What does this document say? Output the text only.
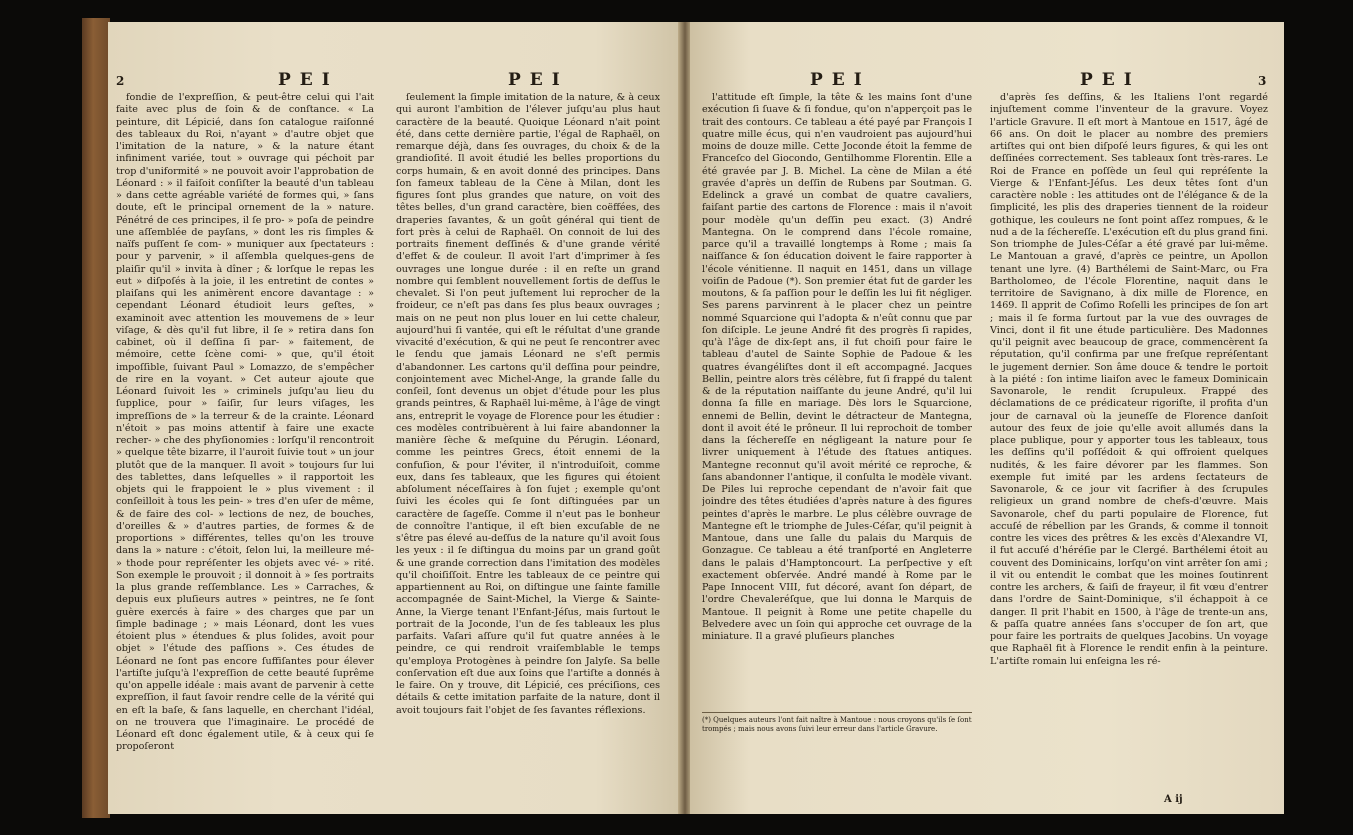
2	PEI	PEI

fondie de l'expreſſion, & peut-être celui qui l'ait faite avec plus de ſoin & de conſtance. « La peinture, dit Lépicié, dans ſon catalogue raiſonné des tableaux du Roi, n'ayant » d'autre objet que l'imitation de la nature, » & la nature étant infiniment variée, tout » ouvrage qui péchoit par trop d'uniformité » ne pouvoit avoir l'approbation de Léonard : » il faiſoit conſiſter la beauté d'un tableau » dans cette agréable variété de formes qui, » ſans doute, eſt le principal ornement de la » nature. Pénétré de ces principes, il ſe pro- » poſa de peindre une aſſemblée de payſans, » dont les ris ſimples & naïfs puſſent ſe com- » muniquer aux ſpectateurs : pour y parvenir, » il aſſembla quelques-gens de plaiſir qu'il » invita à dîner ; & lorſque le repas les eut » diſpoſés à la joie, il les entretint de contes » plaiſans qui les animèrent encore davantage : » cependant Léonard étudioit leurs geſtes, » examinoit avec attention les mouvemens de » leur viſage, & dès qu'il fut libre, il ſe » retira dans ſon cabinet, où il deſſina ſi par- » faitement, de mémoire, cette ſcène comi- » que, qu'il étoit impoſſible, ſuivant Paul » Lomazzo, de s'empêcher de rire en la voyant. » Cet auteur ajoute que Léonard ſuivoit les » criminels juſqu'au lieu du ſupplice, pour » ſaiſir, ſur leurs viſages, les impreſſions de » la terreur & de la crainte. Léonard n'étoit » pas moins attentif à faire une exacte recher- » che des phyſionomies : lorſqu'il rencontroit » quelque tête bizarre, il l'auroit ſuivie tout » un jour plutôt que de la manquer. Il avoit » toujours ſur lui des tablettes, dans leſquelles » il rapportoit les objets qui le frappoient le » plus vivement : il conſeilloit à tous les pein- » tres d'en uſer de même, & de faire des col- » lections de nez, de bouches, d'oreilles & » d'autres parties, de formes & de proportions » différentes, telles qu'on les trouve dans la » nature : c'étoit, ſelon lui, la meilleure mé- » thode pour repréſenter les objets avec vé- » rité. Son exemple le prouvoit ; il donnoit à » ſes portraits la plus grande reſſemblance. Les » Carraches, & depuis eux pluſieurs autres » peintres, ne ſe ſont guère exercés à faire » des charges que par un ſimple badinage ; » mais Léonard, dont les vues étoient plus » étendues & plus ſolides, avoit pour objet » l'étude des paſſions ». Ces études de Léonard ne ſont pas encore ſuffiſantes pour élever l'artiſte juſqu'à l'expreſſion de cette beauté ſuprême qu'on appelle idéale : mais avant de parvenir à cette expreſſion, il faut ſavoir rendre celle de la vérité qui en eſt la baſe, & ſans laquelle, en cherchant l'idéal, on ne trouvera que l'imaginaire. Le procédé de Léonard eſt donc également utile, & à ceux qui ſe propoſeront

ſeulement la ſimple imitation de la nature, & à ceux qui auront l'ambition de l'élever juſqu'au plus haut caractère de la beauté. Quoique Léonard n'ait point été, dans cette dernière partie, l'égal de Raphaël, on remarque déjà, dans ſes ouvrages, du choix & de la grandioſité. Il avoit étudié les belles proportions du corps humain, & en avoit donné des principes. Dans ſon fameux tableau de la Cène à Milan, dont les figures ſont plus grandes que nature, on voit des têtes belles, d'un grand caractère, bien coëffées, des draperies ſavantes, & un goût général qui tient de fort près à celui de Raphaël. On connoit de lui des portraits finement deſſinés & d'une grande vérité d'effet & de couleur. Il avoit l'art d'imprimer à ſes ouvrages une longue durée : il en reſte un grand nombre qui ſemblent nouvellement ſortis de deſſus le chevalet. Si l'on peut juſtement lui reprocher de la froideur, ce n'eſt pas dans ſes plus beaux ouvrages ; mais on ne peut non plus louer en lui cette chaleur, aujourd'hui ſi vantée, qui eſt le réſultat d'une grande vivacité d'exécution, & qui ne peut ſe rencontrer avec le ſendu que jamais Léonard ne s'eſt permis d'abandonner. Les cartons qu'il deſſina pour peindre, conjointement avec Michel-Ange, la grande ſalle du conſeil, ſont devenus un objet d'étude pour les plus grands peintres, & Raphaël lui-même, à l'âge de vingt ans, entreprit le voyage de Florence pour les étudier : ces modèles contribuèrent à lui faire abandonner la manière ſèche & meſquine du Pérugin. Léonard, comme les peintres Grecs, étoit ennemi de la confuſion, & pour l'éviter, il n'introduiſoit, comme eux, dans ſes tableaux, que les figures qui étoient abſolument néceſſaires à ſon ſujet ; exemple qu'ont ſuivi les écoles qui ſe ſont diſtinguées par un caractère de ſageſſe. Comme il n'eut pas le bonheur de connoître l'antique, il eſt bien excuſable de ne s'être pas élevé au-deſſus de la nature qu'il avoit ſous les yeux : il ſe diſtingua du moins par un grand goût & une grande correction dans l'imitation des modèles qu'il choiſiſſoit. Entre les tableaux de ce peintre qui appartiennent au Roi, on diſtingue une ſainte famille accompagnée de Saint-Michel, la Vierge & Sainte-Anne, la Vierge tenant l'Enfant-Jéſus, mais ſurtout le portrait de la Joconde, l'un de ſes tableaux les plus parfaits. Vaſari aſſure qu'il fut quatre années à le peindre, ce qui rendroit vraiſemblable le temps qu'employa Protogènes à peindre ſon Jalyſe. Sa belle conſervation eſt due aux ſoins que l'artiſte a donnés à le faire. On y trouve, dit Lépicié, ces préciſions, ces détails & cette imitation parfaite de la nature, dont il avoit toujours fait l'objet de ſes ſavantes réflexions.

PEI	PEI	3

l'attitude eſt ſimple, la tête & les mains ſont d'une exécution ſi ſuave & ſi fondue, qu'on n'apperçoit pas le trait des contours. Ce tableau a été payé par François I quatre mille écus, qui n'en vaudroient pas aujourd'hui moins de douze mille. Cette Joconde étoit la femme de Franceſco del Giocondo, Gentilhomme Florentin. Elle a été gravée par J. B. Michel. La cène de Milan a été gravée d'après un deſſin de Rubens par Soutman. G. Edelinck a gravé un combat de quatre cavaliers, faiſant partie des cartons de Florence : mais il n'avoit pour modèle qu'un deſſin peu exact. (3) André Mantegna. On le comprend dans l'école romaine, parce qu'il a travaillé longtemps à Rome ; mais ſa naiſſance & ſon éducation doivent le faire rapporter à l'école vénitienne. Il naquit en 1451, dans un village voiſin de Padoue (*). Son premier état fut de garder les moutons, & ſa paſſion pour le deſſin les lui fit négliger. Ses parens parvinrent à le placer chez un peintre nommé Squarcione qui l'adopta & n'eût connu que par ſon diſciple. Le jeune André fit des progrès ſi rapides, qu'à l'âge de dix-ſept ans, il fut choiſi pour faire le tableau d'autel de Sainte Sophie de Padoue & les quatres évangéliſtes dont il eſt accompagné. Jacques Bellin, peintre alors très célèbre, fut ſi frappé du talent & de la réputation naiſſante du jeune André, qu'il lui donna ſa fille en mariage. Dès lors le Squarcione, ennemi de Bellin, devint le détracteur de Mantegna, dont il avoit été le prôneur. Il lui reprochoit de tomber dans la ſéchereſſe en négligeant la nature pour ſe livrer uniquement à l'étude des ſtatues antiques. Mantegne reconnut qu'il avoit mérité ce reproche, & ſans abandonner l'antique, il conſulta le modèle vivant. De Piles lui reproche cependant de n'avoir fait que joindre des têtes étudiées d'après nature à des figures peintes d'après le marbre. Le plus célèbre ouvrage de Mantegne eſt le triomphe de Jules-Céſar, qu'il peignit à Mantoue, dans une ſalle du palais du Marquis de Gonzague. Ce tableau a été tranſporté en Angleterre dans le palais d'Hamptoncourt. La perſpective y eſt exactement obſervée. André mandé à Rome par le Pape Innocent VIII, fut décoré, avant ſon départ, de l'ordre Chevaleréſque, que lui donna le Marquis de Mantoue. Il peignit à Rome une petite chapelle du Belvedere avec un ſoin qui approche cet ouvrage de la miniature. Il a gravé pluſieurs planches

(*) Quelques auteurs l'ont fait naître à Mantoue : nous croyons qu'ils ſe ſont trompés ; mais nous avons ſuivi leur erreur dans l'article Gravure.

d'après ſes deſſins, & les Italiens l'ont regardé injuſtement comme l'inventeur de la gravure. Voyez l'article Gravure. Il eſt mort à Mantoue en 1517, âgé de 66 ans. On doit le placer au nombre des premiers artiſtes qui ont bien diſpoſé leurs figures, & qui les ont deſſinées correctement. Ses tableaux ſont très-rares. Le Roi de France en poſſède un ſeul qui repréſente la Vierge & l'Enfant-Jéſus. Les deux têtes ſont d'un caractère noble : les attitudes ont de l'élégance & de la ſimplicité, les plis des draperies tiennent de la roideur gothique, les couleurs ne ſont point aſſez rompues, & le nud a de la ſéchereſſe. L'exécution eſt du plus grand fini. Son triomphe de Jules-Céſar a été gravé par lui-même. Le Mantouan a gravé, d'après ce peintre, un Apollon tenant une lyre. (4) Barthélemi de Saint-Marc, ou Fra Bartholomeo, de l'école Florentine, naquit dans le territoire de Savignano, à dix mille de Florence, en 1469. Il apprit de Coſimo Roſelli les principes de ſon art ; mais il ſe forma ſurtout par la vue des ouvrages de Vinci, dont il fit une étude particulière. Des Madonnes qu'il peignit avec beaucoup de grace, commencèrent ſa réputation, qu'il confirma par une freſque repréſentant le jugement dernier. Son âme douce & tendre le portoit à la piété : ſon intime liaiſon avec le fameux Dominicain Savonarole, le rendit ſcrupuleux. Frappé des déclamations de ce prédicateur rigoriſte, il profita d'un jour de carnaval où la jeuneſſe de Florence danſoit autour des feux de joie qu'elle avoit allumés dans la place publique, pour y apporter tous les tableaux, tous les deſſins qu'il poſſédoit & qui offroient quelques nudités, & les faire dévorer par les flammes. Son exemple fut imité par les ardens ſectateurs de Savonarole, & ce jour vit ſacrifier à des ſcrupules religieux un grand nombre de chefs-d'œuvre. Mais Savonarole, chef du parti populaire de Florence, fut accuſé de rébellion par les Grands, & comme il tonnoit contre les vices des prêtres & les excès d'Alexandre VI, il fut accuſé d'héréſie par le Clergé. Barthélemi étoit au couvent des Dominicains, lorſqu'on vint arrêter ſon ami ; il vit ou entendit le combat que les moines ſoutinrent contre les archers, & ſaiſi de frayeur, il fit vœu d'entrer dans l'ordre de Saint-Dominique, s'il échappoit à ce danger. Il prit l'habit en 1500, à l'âge de trente-un ans, & paſſa quatre années ſans s'occuper de ſon art, que pour faire les portraits de quelques Jacobins. Un voyage que Raphaël fit à Florence le rendit enfin à la peinture. L'artiſte romain lui enſeigna les ré-

A ij
